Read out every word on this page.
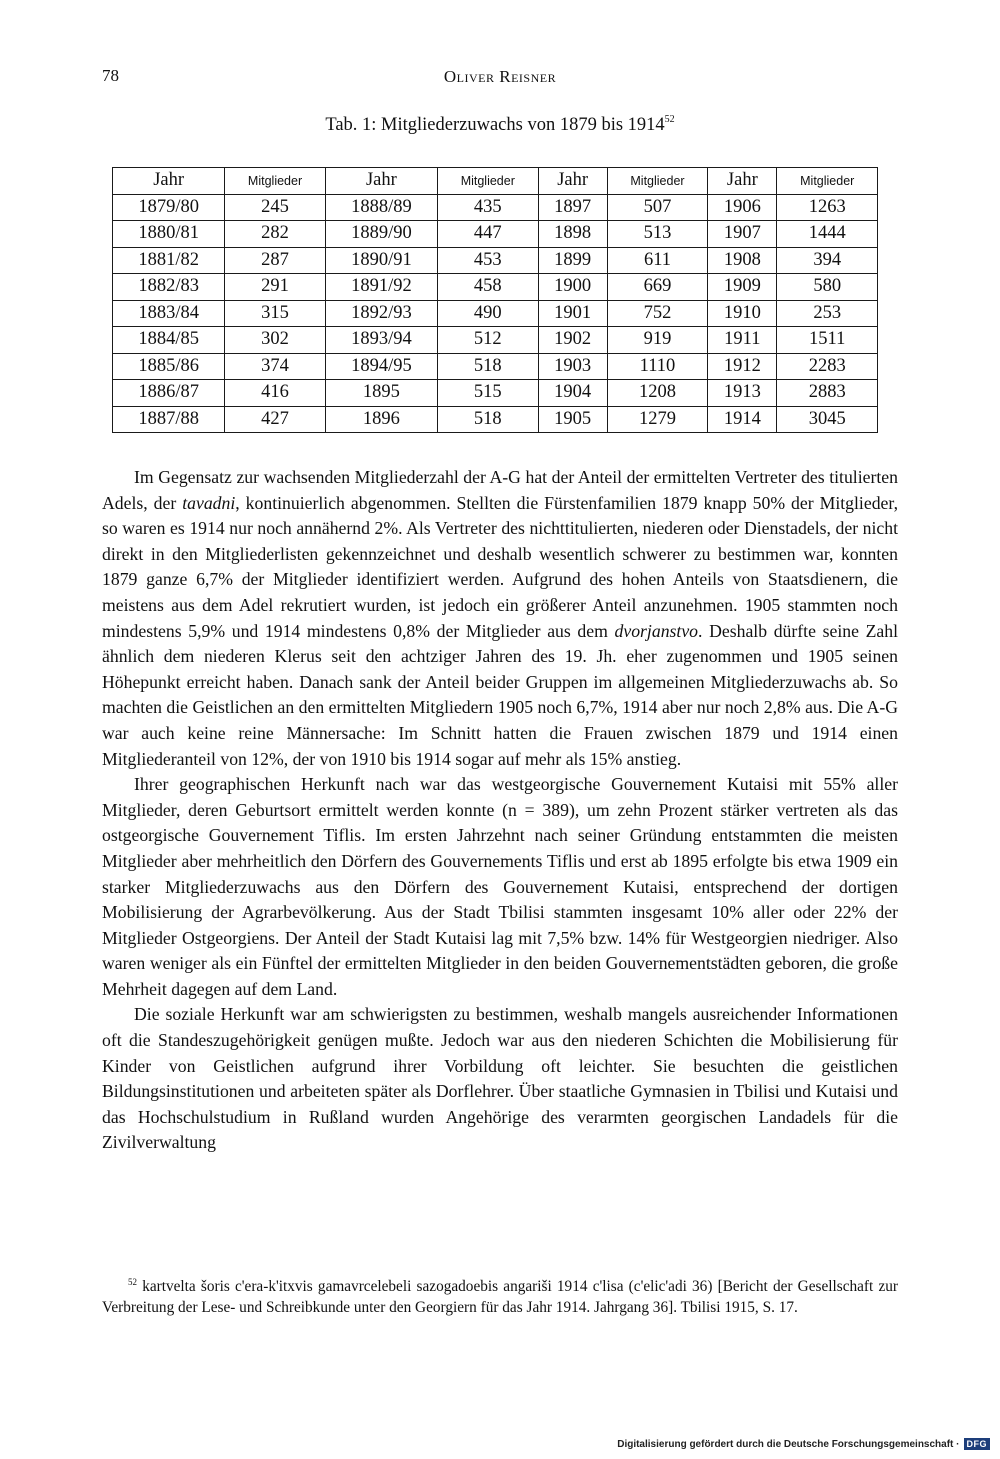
78	Oliver Reisner
Tab. 1: Mitgliederzuwachs von 1879 bis 1914$^{52}$
Jahr	Mitglieder	Jahr	Mitglieder	Jahr	Mitglieder	Jahr	Mitglieder
1879/80	245	1888/89	435	1897	507	1906	1263
1880/81	282	1889/90	447	1898	513	1907	1444
1881/82	287	1890/91	453	1899	611	1908	394
1882/83	291	1891/92	458	1900	669	1909	580
1883/84	315	1892/93	490	1901	752	1910	253
1884/85	302	1893/94	512	1902	919	1911	1511
1885/86	374	1894/95	518	1903	1110	1912	2283
1886/87	416	1895	515	1904	1208	1913	2883
1887/88	427	1896	518	1905	1279	1914	3045

Im Gegensatz zur wachsenden Mitgliederzahl der A-G hat der Anteil der ermittelten Vertreter des titulierten Adels, der tavadni, kontinuierlich abgenommen. Stellten die Fürstenfamilien 1879 knapp 50% der Mitglieder, so waren es 1914 nur noch annähernd 2%. Als Vertreter des nichttitulierten, niederen oder Dienstadels, der nicht direkt in den Mitgliederlisten gekennzeichnet und deshalb wesentlich schwerer zu bestimmen war, konnten 1879 ganze 6,7% der Mitglieder identifiziert werden. Aufgrund des hohen Anteils von Staatsdienern, die meistens aus dem Adel rekrutiert wurden, ist jedoch ein größerer Anteil anzunehmen. 1905 stammten noch mindestens 5,9% und 1914 mindestens 0,8% der Mitglieder aus dem dvorjanstvo. Deshalb dürfte seine Zahl ähnlich dem niederen Klerus seit den achtziger Jahren des 19. Jh. eher zugenommen und 1905 seinen Höhepunkt erreicht haben. Danach sank der Anteil beider Gruppen im allgemeinen Mitgliederzuwachs ab. So machten die Geistlichen an den ermittelten Mitgliedern 1905 noch 6,7%, 1914 aber nur noch 2,8% aus. Die A-G war auch keine reine Männersache: Im Schnitt hatten die Frauen zwischen 1879 und 1914 einen Mitgliederanteil von 12%, der von 1910 bis 1914 sogar auf mehr als 15% anstieg.

Ihrer geographischen Herkunft nach war das westgeorgische Gouvernement Kutaisi mit 55% aller Mitglieder, deren Geburtsort ermittelt werden konnte (n = 389), um zehn Prozent stärker vertreten als das ostgeorgische Gouvernement Tiflis. Im ersten Jahrzehnt nach seiner Gründung entstammten die meisten Mitglieder aber mehrheitlich den Dörfern des Gouvernements Tiflis und erst ab 1895 erfolgte bis etwa 1909 ein starker Mitgliederzuwachs aus den Dörfern des Gouvernement Kutaisi, entsprechend der dortigen Mobilisierung der Agrarbevölkerung. Aus der Stadt Tbilisi stammten insgesamt 10% aller oder 22% der Mitglieder Ostgeorgiens. Der Anteil der Stadt Kutaisi lag mit 7,5% bzw. 14% für Westgeorgien niedriger. Also waren weniger als ein Fünftel der ermittelten Mitglieder in den beiden Gouvernementstädten geboren, die große Mehrheit dagegen auf dem Land.

Die soziale Herkunft war am schwierigsten zu bestimmen, weshalb mangels ausreichender Informationen oft die Standeszugehörigkeit genügen mußte. Jedoch war aus den niederen Schichten die Mobilisierung für Kinder von Geistlichen aufgrund ihrer Vorbildung oft leichter. Sie besuchten die geistlichen Bildungsinstitutionen und arbeiteten später als Dorflehrer. Über staatliche Gymnasien in Tbilisi und Kutaisi und das Hochschulstudium in Rußland wurden Angehörige des verarmten georgischen Landadels für die Zivilverwaltung

$^{52}$ kartvelta šoris c'era-k'itxvis gamavrcelebeli sazogadoebis angariši 1914 c'lisa (c'elic'adi 36) [Bericht der Gesellschaft zur Verbreitung der Lese- und Schreibkunde unter den Georgiern für das Jahr 1914. Jahrgang 36]. Tbilisi 1915, S. 17.

Digitalisierung gefördert durch die Deutsche Forschungsgemeinschaft · DFG
